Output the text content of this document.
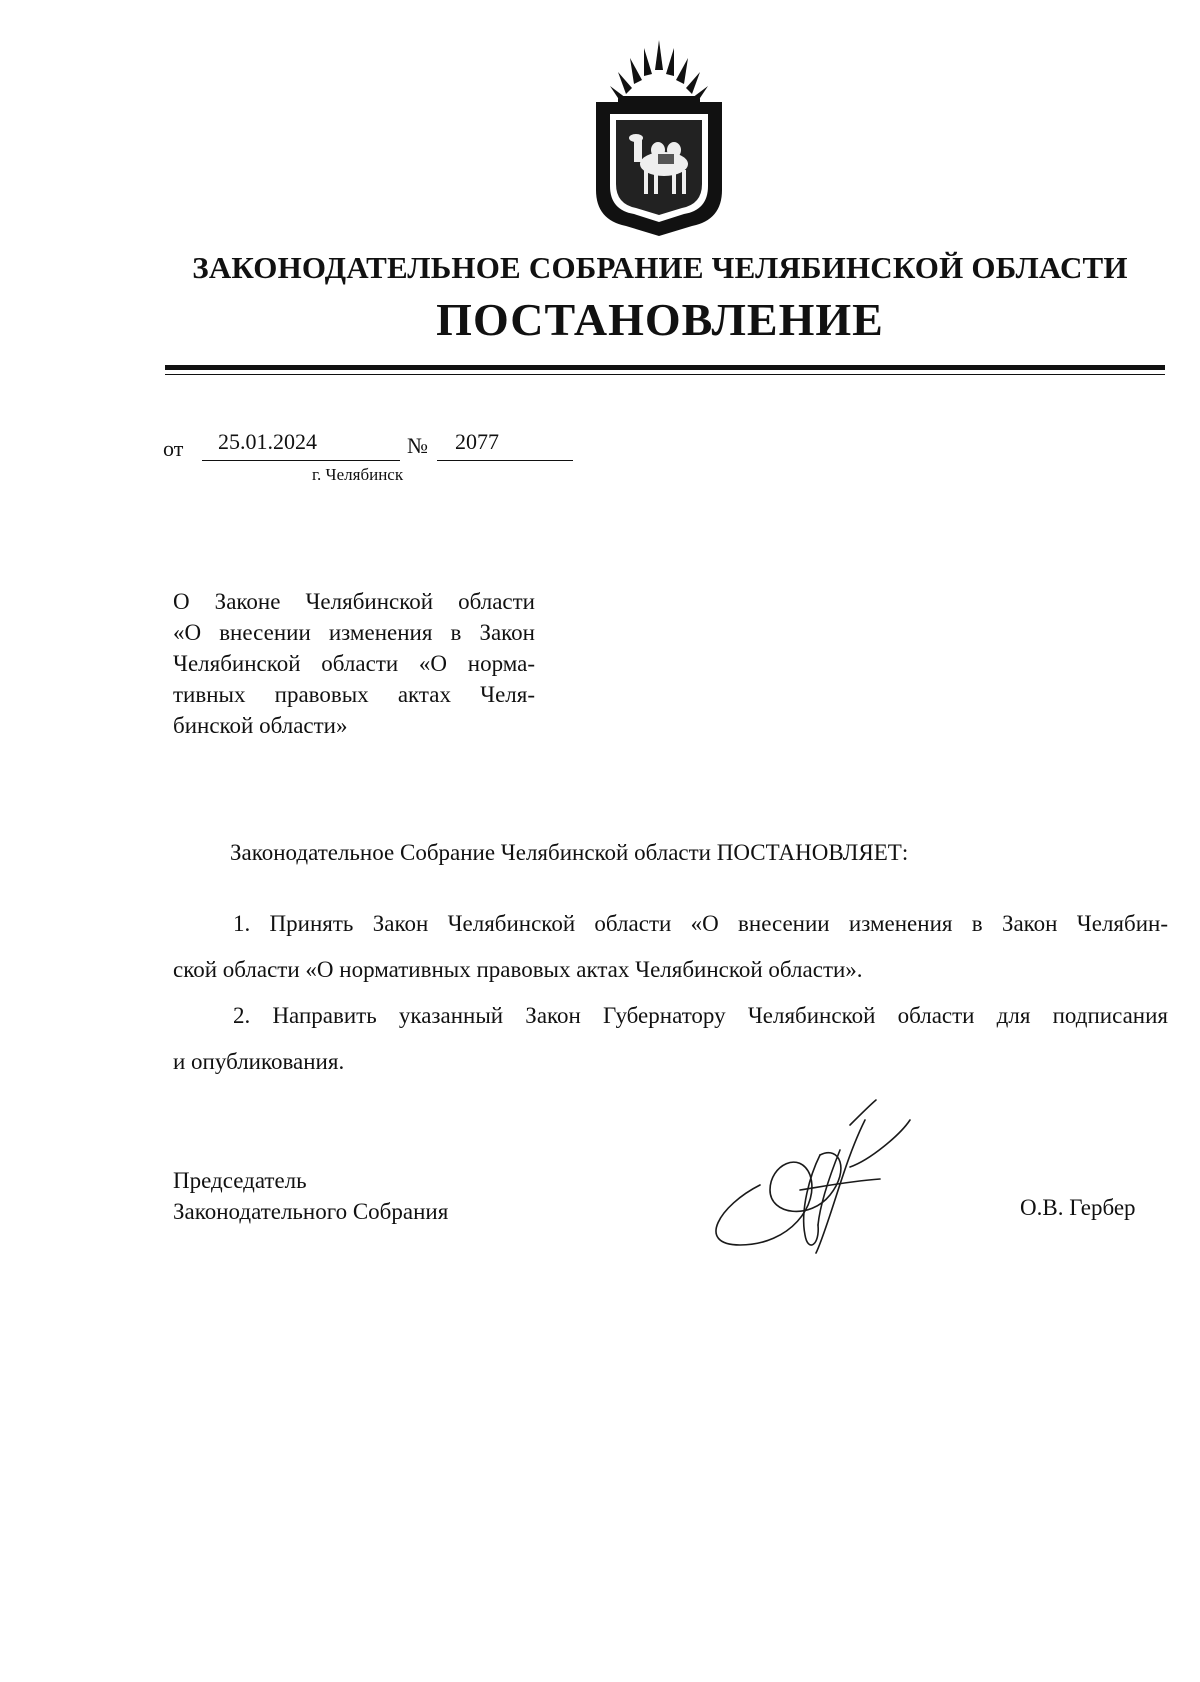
ЗАКОНОДАТЕЛЬНОЕ СОБРАНИЕ ЧЕЛЯБИНСКОЙ ОБЛАСТИ
ПОСТАНОВЛЕНИЕ
от 25.01.2024	№ 2077
г. Челябинск
О Законе Челябинской области
«О внесении изменения в Закон
Челябинской области «О норма-
тивных правовых актах Челя-
бинской области»
Законодательное Собрание Челябинской области ПОСТАНОВЛЯЕТ:
1. Принять Закон Челябинской области «О внесении изменения в Закон Челябин-
ской области «О нормативных правовых актах Челябинской области».
2. Направить указанный Закон Губернатору Челябинской области для подписания
и опубликования.
Председатель
Законодательного Собрания	О.В. Гербер
